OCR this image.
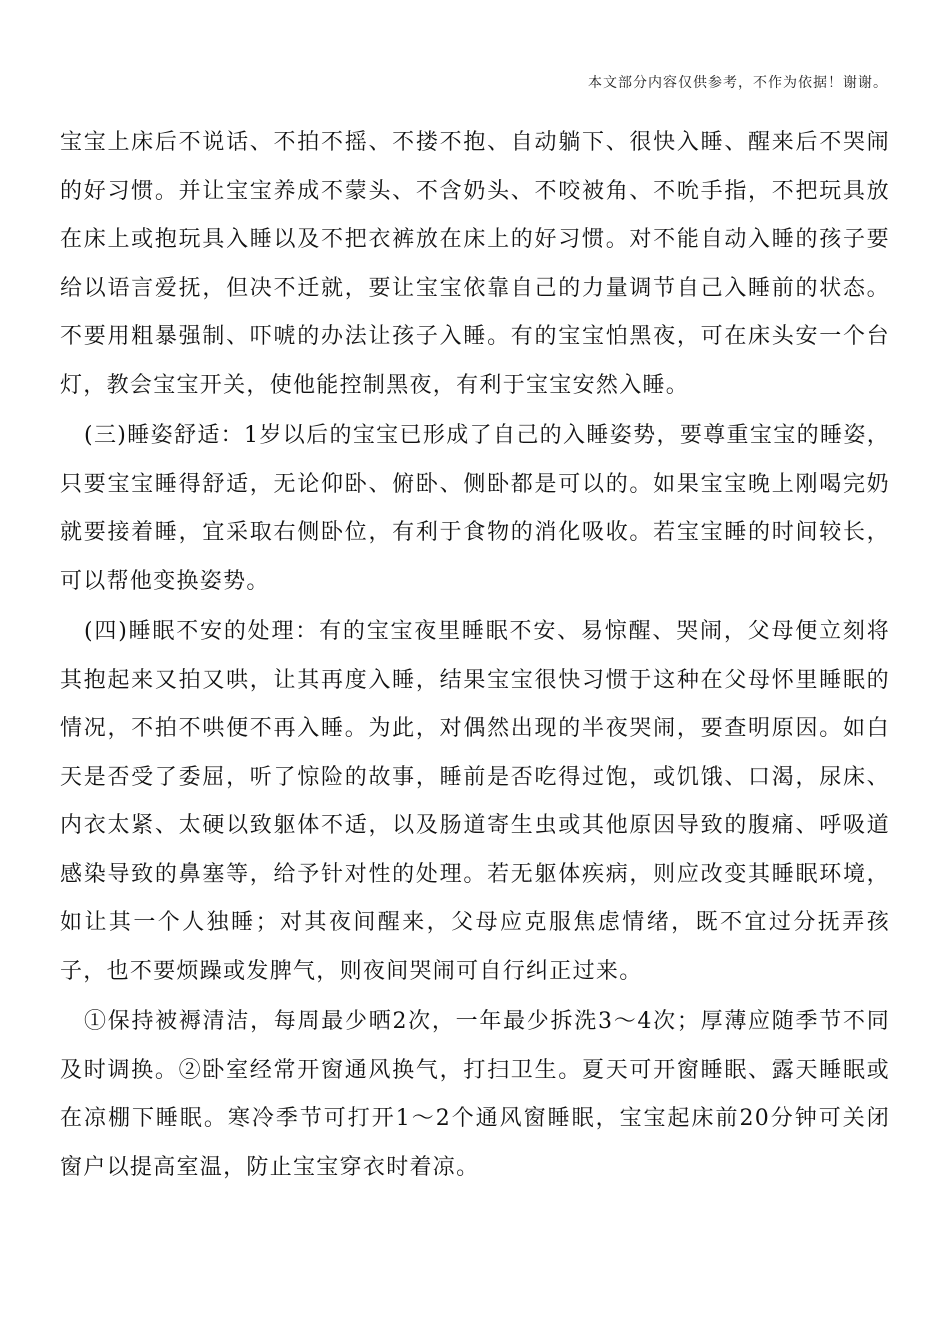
本文部分内容仅供参考，不作为依据！谢谢。

宝宝上床后不说话、不拍不摇、不搂不抱、自动躺下、很快入睡、醒来后不哭闹的好习惯。并让宝宝养成不蒙头、不含奶头、不咬被角、不吮手指，不把玩具放在床上或抱玩具入睡以及不把衣裤放在床上的好习惯。对不能自动入睡的孩子要给以语言爱抚，但决不迁就，要让宝宝依靠自己的力量调节自己入睡前的状态。不要用粗暴强制、吓唬的办法让孩子入睡。有的宝宝怕黑夜，可在床头安一个台灯，教会宝宝开关，使他能控制黑夜，有利于宝宝安然入睡。

(三)睡姿舒适：1岁以后的宝宝已形成了自己的入睡姿势，要尊重宝宝的睡姿，只要宝宝睡得舒适，无论仰卧、俯卧、侧卧都是可以的。如果宝宝晚上刚喝完奶就要接着睡，宜采取右侧卧位，有利于食物的消化吸收。若宝宝睡的时间较长，可以帮他变换姿势。

(四)睡眠不安的处理：有的宝宝夜里睡眠不安、易惊醒、哭闹，父母便立刻将其抱起来又拍又哄，让其再度入睡，结果宝宝很快习惯于这种在父母怀里睡眠的情况，不拍不哄便不再入睡。为此，对偶然出现的半夜哭闹，要查明原因。如白天是否受了委屈，听了惊险的故事，睡前是否吃得过饱，或饥饿、口渴，尿床、内衣太紧、太硬以致躯体不适，以及肠道寄生虫或其他原因导致的腹痛、呼吸道感染导致的鼻塞等，给予针对性的处理。若无躯体疾病，则应改变其睡眠环境，如让其一个人独睡；对其夜间醒来，父母应克服焦虑情绪，既不宜过分抚弄孩子，也不要烦躁或发脾气，则夜间哭闹可自行纠正过来。

①保持被褥清洁，每周最少晒2次，一年最少拆洗3～4次；厚薄应随季节不同及时调换。②卧室经常开窗通风换气，打扫卫生。夏天可开窗睡眠、露天睡眠或在凉棚下睡眠。寒冷季节可打开1～2个通风窗睡眠，宝宝起床前20分钟可关闭窗户以提高室温，防止宝宝穿衣时着凉。
